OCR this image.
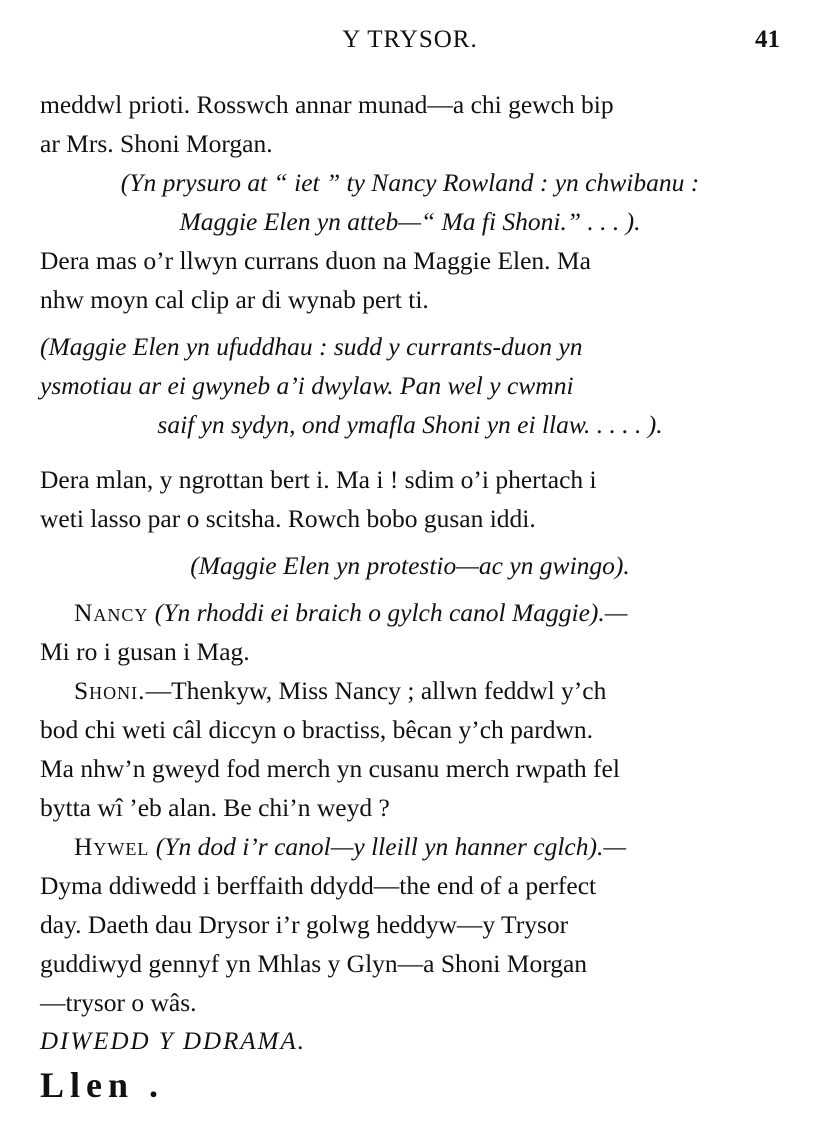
Y TRYSOR.	41

meddwl prioti. Rosswch annar munad—a chi gewch bip

ar Mrs. Shoni Morgan.

(Yn prysuro at “ iet ” ty Nancy Rowland : yn chwibanu :

Maggie Elen yn atteb—“ Ma fi Shoni.” . . . ).

Dera mas o’r llwyn currans duon na Maggie Elen. Ma

nhw moyn cal clip ar di wynab pert ti.

(Maggie Elen yn ufuddhau : sudd y currants-duon yn

ysmotiau ar ei gwyneb a’i dwylaw. Pan wel y cwmni

saif yn sydyn, ond ymafla Shoni yn ei llaw. . . . . ).

Dera mlan, y ngrottan bert i. Ma i ! sdim o’i phertach i

weti lasso par o scitsha. Rowch bobo gusan iddi.

(Maggie Elen yn protestio—ac yn gwingo).

Nancy (Yn rhoddi ei braich o gylch canol Maggie).—

Mi ro i gusan i Mag.

Shoni.—Thenkyw, Miss Nancy ; allwn feddwl y’ch

bod chi weti câl diccyn o bractiss, bêcan y’ch pardwn.

Ma nhw’n gweyd fod merch yn cusanu merch rwpath fel

bytta wî ’eb alan. Be chi’n weyd ?

Hywel (Yn dod i’r canol—y lleill yn hanner cglch).—

Dyma ddiwedd i berffaith ddydd—the end of a perfect

day. Daeth dau Drysor i’r golwg heddyw—y Trysor

guddiwyd gennyf yn Mhlas y Glyn—a Shoni Morgan

—trysor o wâs.

DIWEDD Y DDRAMA.

Llen .
